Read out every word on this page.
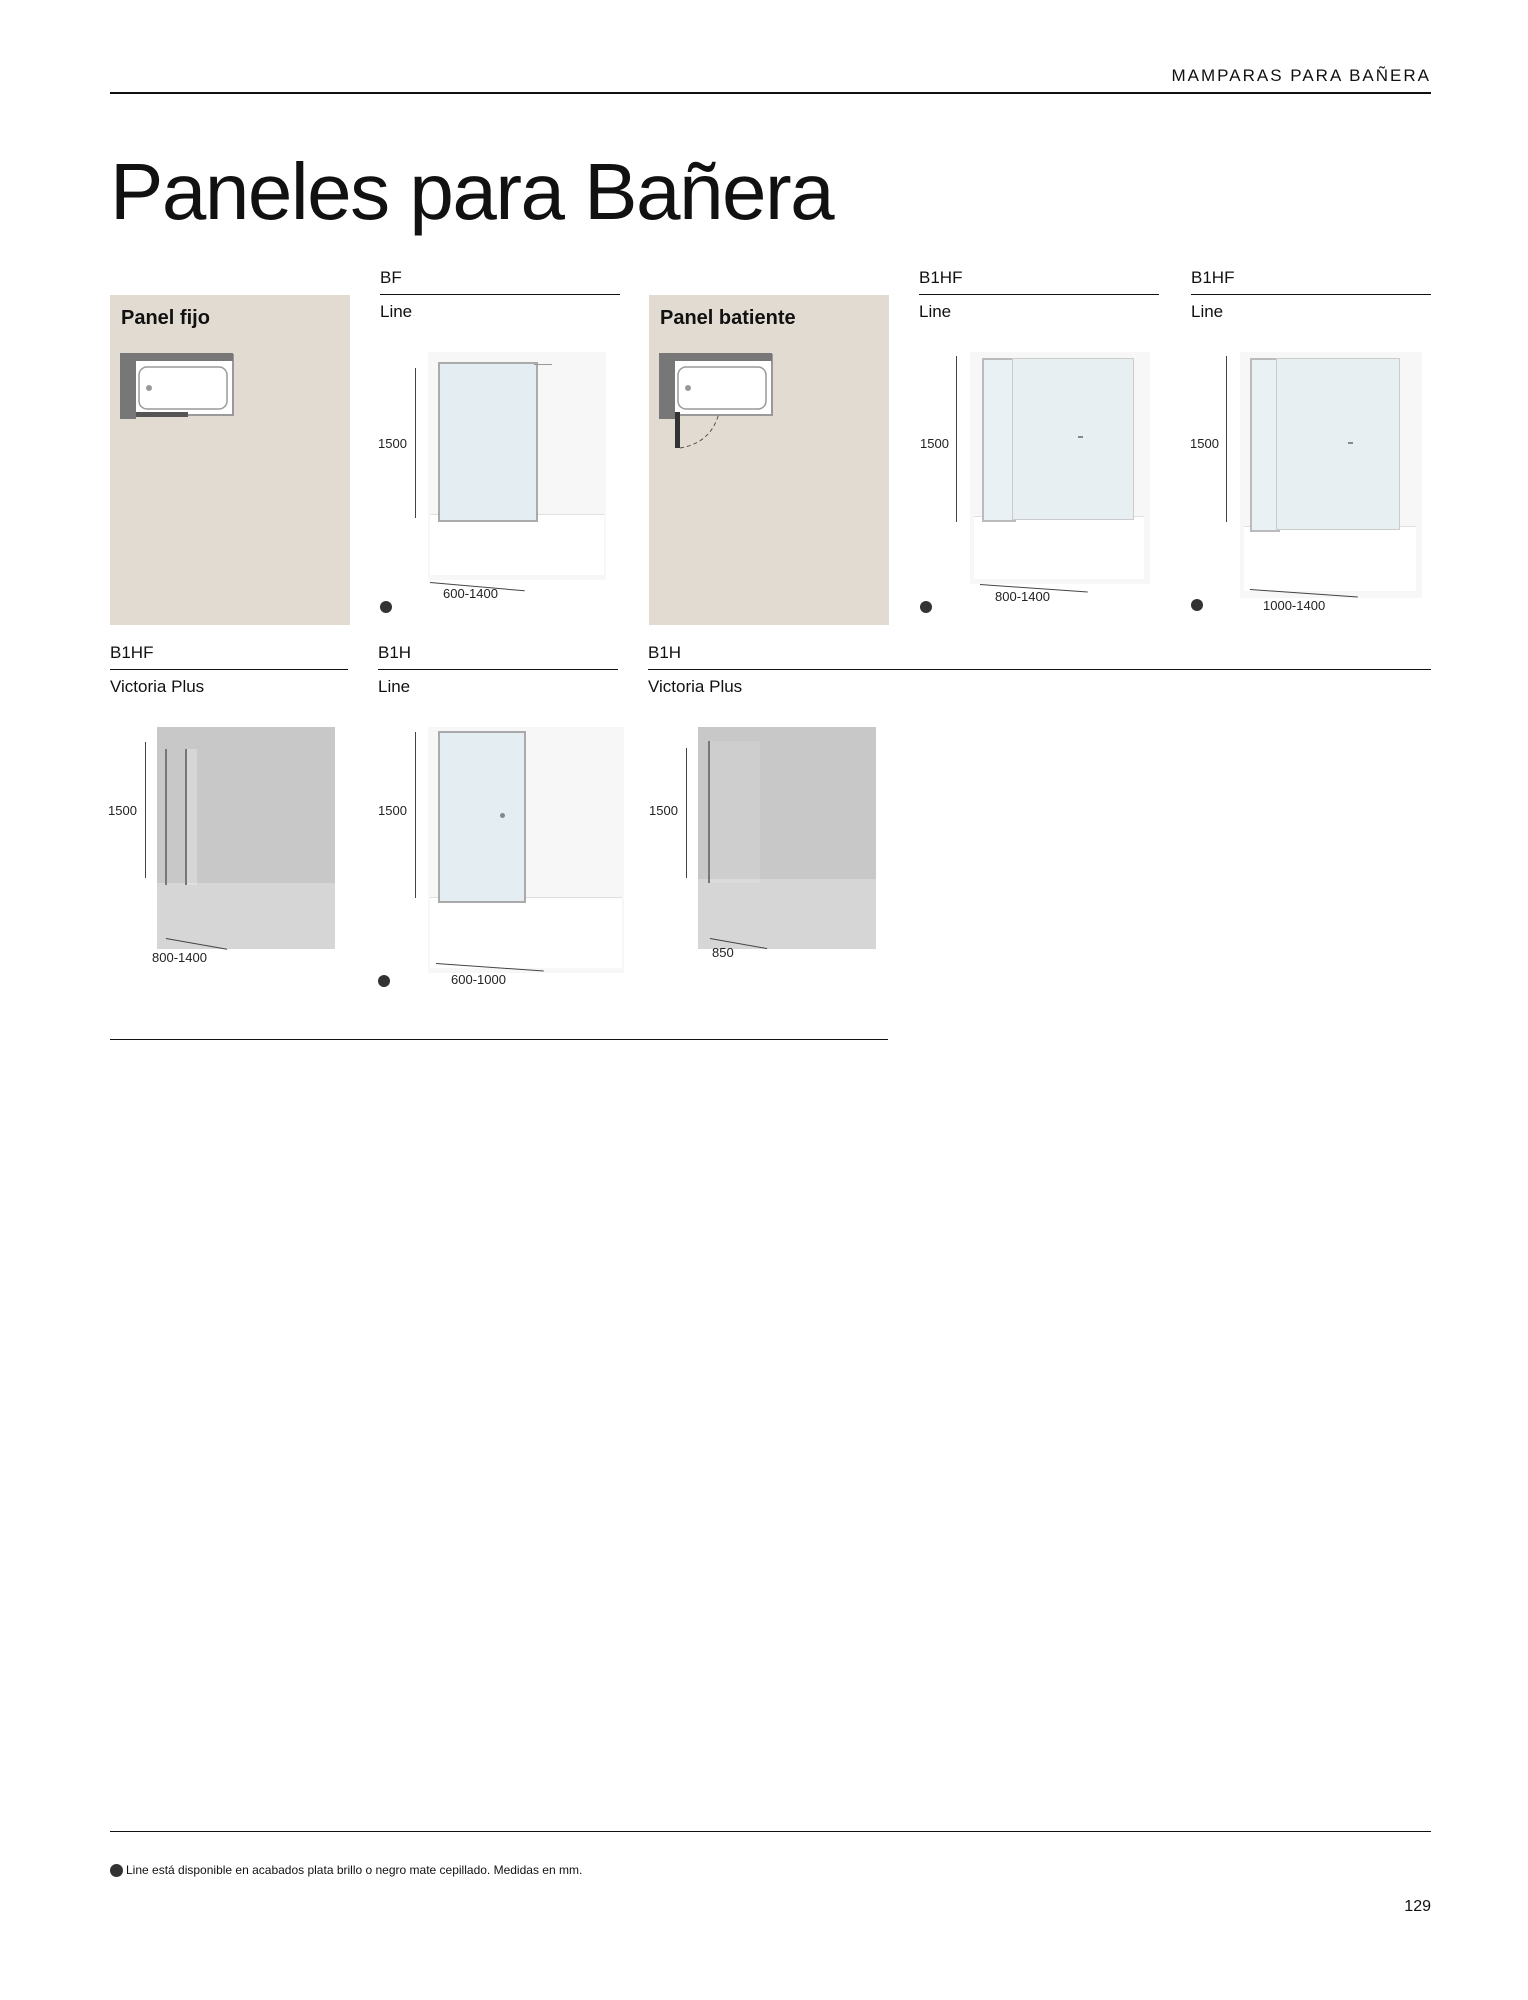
MAMPARAS PARA BAÑERA
Paneles para Bañera
Panel fijo
BF
Line
1500
600-1400
Panel batiente
B1HF
Line
1500
800-1400
B1HF
Line
1500
1000-1400
B1HF
Victoria Plus
1500
800-1400
B1H
Line
1500
600-1000
B1H
Victoria Plus
1500
850
Line está disponible en acabados plata brillo o negro mate cepillado. Medidas en mm.
129
